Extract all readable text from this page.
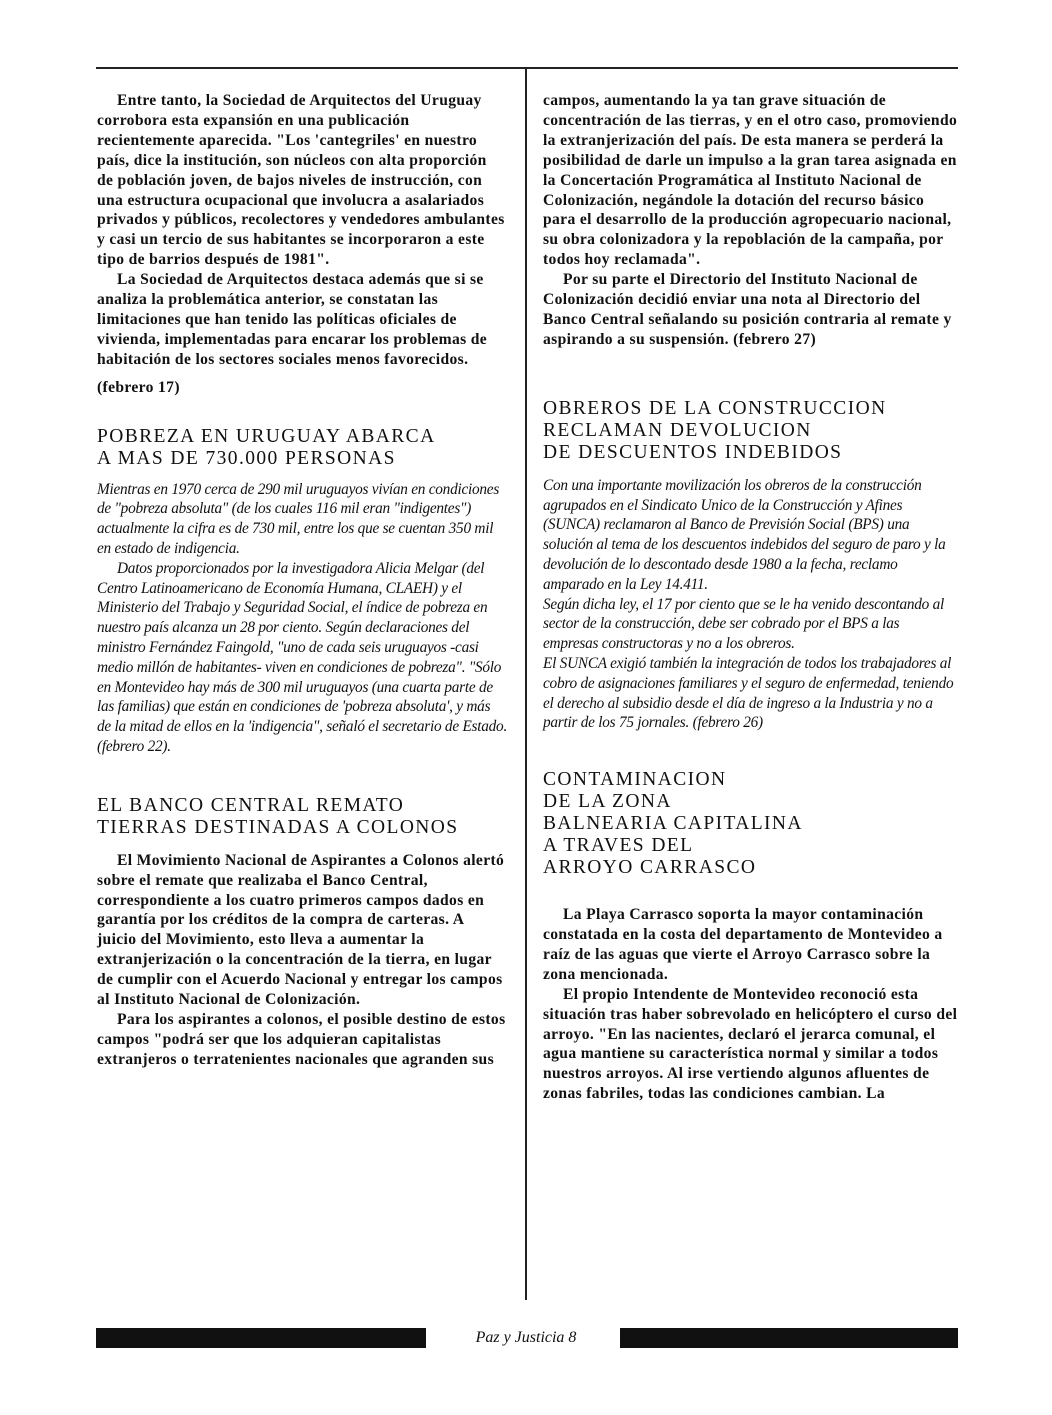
Entre tanto, la Sociedad de Arquitectos del Uruguay corrobora esta expansión en una publicación recientemente aparecida. "Los 'cantegriles' en nuestro país, dice la institución, son núcleos con alta proporción de población joven, de bajos niveles de instrucción, con una estructura ocupacional que involucra a asalariados privados y públicos, recolectores y vendedores ambulantes y casi un tercio de sus habitantes se incorporaron a este tipo de barrios después de 1981".

La Sociedad de Arquitectos destaca además que si se analiza la problemática anterior, se constatan las limitaciones que han tenido las políticas oficiales de vivienda, implementadas para encarar los problemas de habitación de los sectores sociales menos favorecidos.

(febrero 17)

POBREZA EN URUGUAY ABARCA
A MAS DE 730.000 PERSONAS

Mientras en 1970 cerca de 290 mil uruguayos vivían en condiciones de "pobreza absoluta" (de los cuales 116 mil eran "indigentes") actualmente la cifra es de 730 mil, entre los que se cuentan 350 mil en estado de indigencia.

Datos proporcionados por la investigadora Alicia Melgar (del Centro Latinoamericano de Economía Humana, CLAEH) y el Ministerio del Trabajo y Seguridad Social, el índice de pobreza en nuestro país alcanza un 28 por ciento. Según declaraciones del ministro Fernández Faingold, "uno de cada seis uruguayos -casi medio millón de habitantes- viven en condiciones de pobreza". "Sólo en Montevideo hay más de 300 mil uruguayos (una cuarta parte de las familias) que están en condiciones de 'pobreza absoluta', y más de la mitad de ellos en la 'indigencia", señaló el secretario de Estado. (febrero 22).

EL BANCO CENTRAL REMATO
TIERRAS DESTINADAS A COLONOS

El Movimiento Nacional de Aspirantes a Colonos alertó sobre el remate que realizaba el Banco Central, correspondiente a los cuatro primeros campos dados en garantía por los créditos de la compra de carteras. A juicio del Movimiento, esto lleva a aumentar la extranjerización o la concentración de la tierra, en lugar de cumplir con el Acuerdo Nacional y entregar los campos al Instituto Nacional de Colonización.

Para los aspirantes a colonos, el posible destino de estos campos "podrá ser que los adquieran capitalistas extranjeros o terratenientes nacionales que agranden sus

campos, aumentando la ya tan grave situación de concentración de las tierras, y en el otro caso, promoviendo la extranjerización del país. De esta manera se perderá la posibilidad de darle un impulso a la gran tarea asignada en la Concertación Programática al Instituto Nacional de Colonización, negándole la dotación del recurso básico para el desarrollo de la producción agropecuario nacional, su obra colonizadora y la repoblación de la campaña, por todos hoy reclamada".

Por su parte el Directorio del Instituto Nacional de Colonización decidió enviar una nota al Directorio del Banco Central señalando su posición contraria al remate y aspirando a su suspensión. (febrero 27)

OBREROS DE LA CONSTRUCCION
RECLAMAN DEVOLUCION
DE DESCUENTOS INDEBIDOS

Con una importante movilización los obreros de la construcción agrupados en el Sindicato Unico de la Construcción y Afines (SUNCA) reclamaron al Banco de Previsión Social (BPS) una solución al tema de los descuentos indebidos del seguro de paro y la devolución de lo descontado desde 1980 a la fecha, reclamo amparado en la Ley 14.411.

Según dicha ley, el 17 por ciento que se le ha venido descontando al sector de la construcción, debe ser cobrado por el BPS a las empresas constructoras y no a los obreros.

El SUNCA exigió también la integración de todos los trabajadores al cobro de asignaciones familiares y el seguro de enfermedad, teniendo el derecho al subsidio desde el día de ingreso a la Industria y no a partir de los 75 jornales. (febrero 26)

CONTAMINACION
DE LA ZONA
BALNEARIA CAPITALINA
A TRAVES DEL
ARROYO CARRASCO

La Playa Carrasco soporta la mayor contaminación constatada en la costa del departamento de Montevideo a raíz de las aguas que vierte el Arroyo Carrasco sobre la zona mencionada.

El propio Intendente de Montevideo reconoció esta situación tras haber sobrevolado en helicóptero el curso del arroyo. "En las nacientes, declaró el jerarca comunal, el agua mantiene su característica normal y similar a todos nuestros arroyos. Al irse vertiendo algunos afluentes de zonas fabriles, todas las condiciones cambian. La

Paz y Justicia 8
